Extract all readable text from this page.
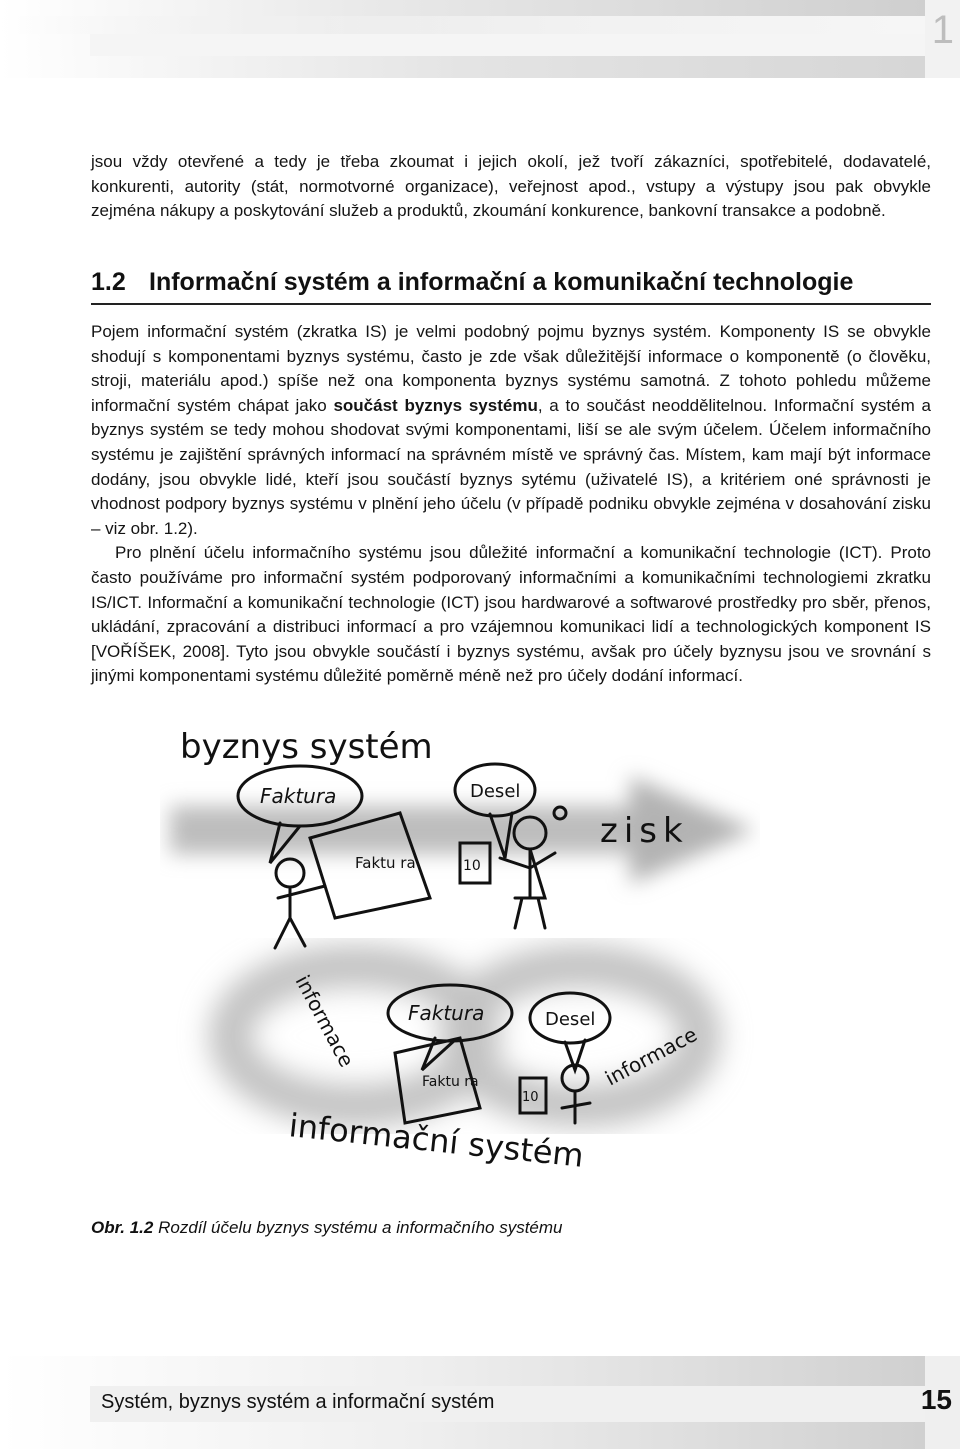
1
jsou vždy otevřené a tedy je třeba zkoumat i jejich okolí, jež tvoří zákazníci, spotřebitelé, dodavatelé, konkurenti, autority (stát, normotvorné organizace), veřejnost apod., vstupy a výstupy jsou pak obvykle zejména nákupy a poskytování služeb a produktů, zkoumání konkurence, bankovní transakce a podobně.
1.2 Informační systém a informační a komunikační technologie
Pojem informační systém (zkratka IS) je velmi podobný pojmu byznys systém. Komponenty IS se obvykle shodují s komponentami byznys systému, často je zde však důležitější informace o komponentě (o člověku, stroji, materiálu apod.) spíše než ona komponenta byznys systému samotná. Z tohoto pohledu můžeme informační systém chápat jako součást byznys systému, a to součást neoddělitelnou. Informační systém a byznys systém se tedy mohou shodovat svými komponentami, liší se ale svým účelem. Účelem informačního systému je zajištění správných informací na správném místě ve správný čas. Místem, kam mají být informace dodány, jsou obvykle lidé, kteří jsou součástí byznys sytému (uživatelé IS), a kritériem oné správnosti je vhodnost podpory byznys systému v plnění jeho účelu (v případě podniku obvykle zejména v dosahování zisku – viz obr. 1.2).
Pro plnění účelu informačního systému jsou důležité informační a komunikační technologie (ICT). Proto často používáme pro informační systém podporovaný informačními a komunikačními technologiemi zkratku IS/ICT. Informační a komunikační technologie (ICT) jsou hardwarové a softwarové prostředky pro sběr, přenos, ukládání, zpracování a distribuci informací a pro vzájemnou komunikaci lidí a technologických komponent IS [VOŘÍŠEK, 2008]. Tyto jsou obvykle součástí i byznys systému, avšak pro účely byznysu jsou ve srovnání s jinými komponentami systému důležité poměrně méně než pro účely dodání informací.
byznys systém
Faktura	Desel
zisk
Faktu ra	10
Faktura	Desel
Faktu ra
10
informace	informace
informační systém
Obr. 1.2 Rozdíl účelu byznys systému a informačního systému
Systém, byznys systém a informační systém	15
